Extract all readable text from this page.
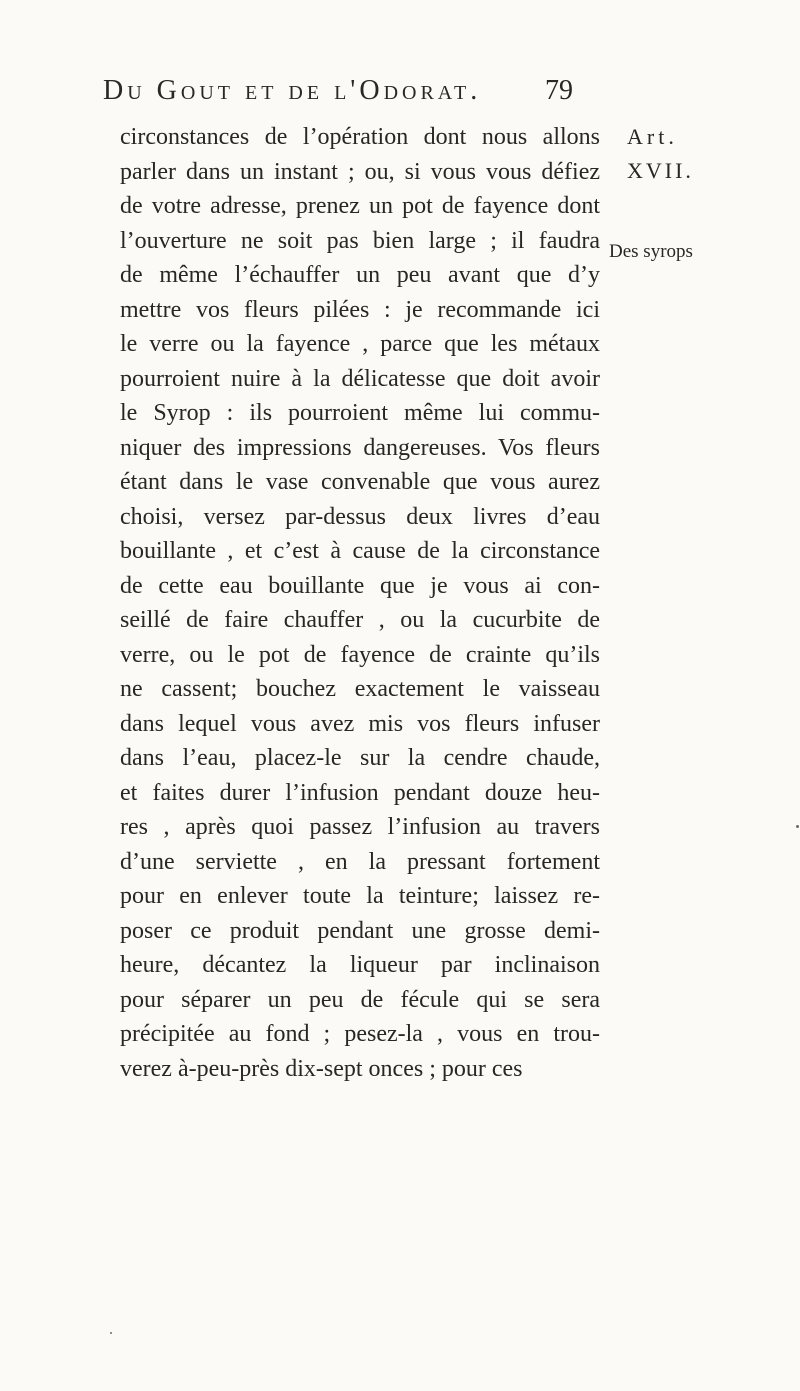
Du Gout et de l'Odorat. 79
Art.
XVII.
Des syrops
circonstances de l’opération dont nous allons
parler dans un instant ; ou, si vous vous défiez
de votre adresse, prenez un pot de fayence dont
l’ouverture ne soit pas bien large ; il faudra
de même l’échauffer un peu avant que d’y
mettre vos fleurs pilées : je recommande ici
le verre ou la fayence , parce que les métaux
pourroient nuire à la délicatesse que doit avoir
le Syrop : ils pourroient même lui commu-
niquer des impressions dangereuses. Vos fleurs
étant dans le vase convenable que vous aurez
choisi, versez par-dessus deux livres d’eau
bouillante , et c’est à cause de la circonstance
de cette eau bouillante que je vous ai con-
seillé de faire chauffer , ou la cucurbite de
verre, ou le pot de fayence de crainte qu’ils
ne cassent; bouchez exactement le vaisseau
dans lequel vous avez mis vos fleurs infuser
dans l’eau, placez-le sur la cendre chaude,
et faites durer l’infusion pendant douze heu-
res , après quoi passez l’infusion au travers
d’une serviette , en la pressant fortement
pour en enlever toute la teinture; laissez re-
poser ce produit pendant une grosse demi-
heure, décantez la liqueur par inclinaison
pour séparer un peu de fécule qui se sera
précipitée au fond ; pesez-la , vous en trou-
verez à-peu-près dix-sept onces ; pour ces
